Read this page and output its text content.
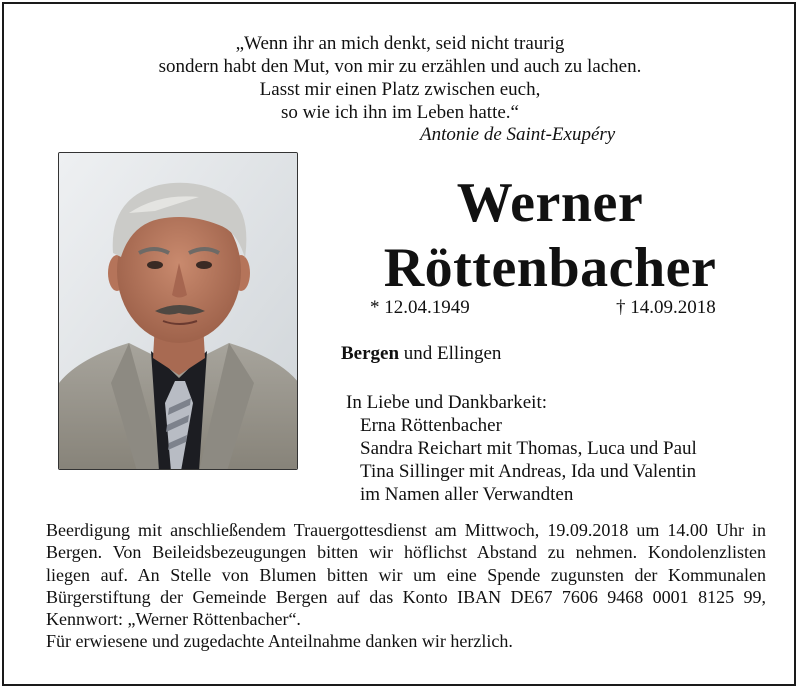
„Wenn ihr an mich denkt, seid nicht traurig
sondern habt den Mut, von mir zu erzählen und auch zu lachen.
Lasst mir einen Platz zwischen euch,
so wie ich ihn im Leben hatte.“
Antonie de Saint-Exupéry
Werner
Röttenbacher
* 12.04.1949	† 14.09.2018
Bergen und Ellingen
In Liebe und Dankbarkeit:
Erna Röttenbacher
Sandra Reichart mit Thomas, Luca und Paul
Tina Sillinger mit Andreas, Ida und Valentin
im Namen aller Verwandten
Beerdigung mit anschließendem Trauergottesdienst am Mittwoch, 19.09.2018 um 14.00 Uhr in
Bergen. Von Beileidsbezeugungen bitten wir höflichst Abstand zu nehmen. Kondolenzlisten
liegen auf. An Stelle von Blumen bitten wir um eine Spende zugunsten der Kommunalen
Bürgerstiftung der Gemeinde Bergen auf das Konto IBAN DE67 7606 9468 0001 8125 99,
Kennwort: „Werner Röttenbacher“.
Für erwiesene und zugedachte Anteilnahme danken wir herzlich.
